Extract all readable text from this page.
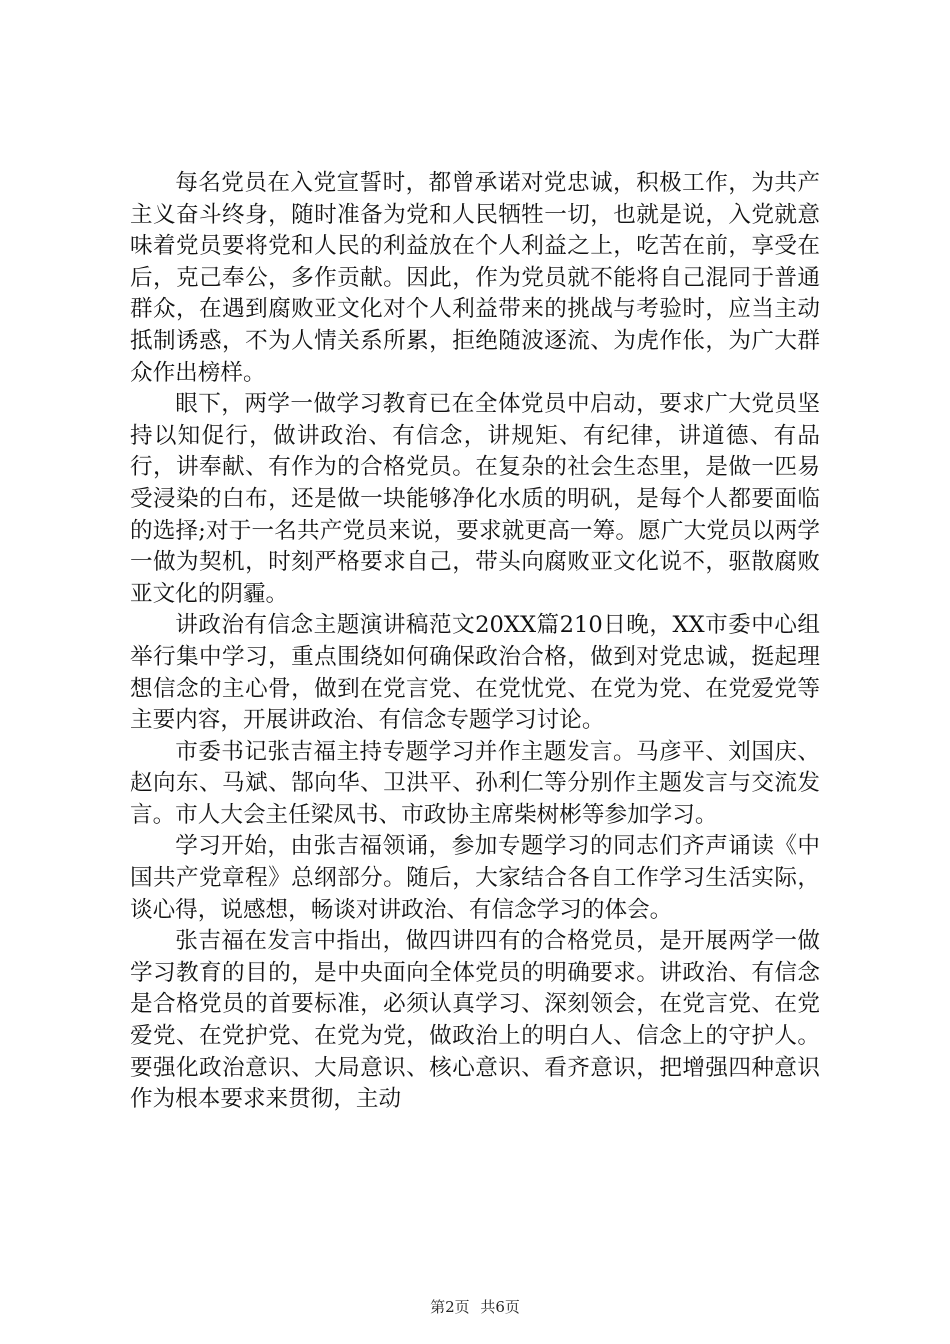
每名党员在入党宣誓时，都曾承诺对党忠诚，积极工作，为共产主义奋斗终身，随时准备为党和人民牺牲一切，也就是说，入党就意味着党员要将党和人民的利益放在个人利益之上，吃苦在前，享受在后，克己奉公，多作贡献。因此，作为党员就不能将自己混同于普通群众，在遇到腐败亚文化对个人利益带来的挑战与考验时，应当主动抵制诱惑，不为人情关系所累，拒绝随波逐流、为虎作伥，为广大群众作出榜样。

眼下，两学一做学习教育已在全体党员中启动，要求广大党员坚持以知促行，做讲政治、有信念，讲规矩、有纪律，讲道德、有品行，讲奉献、有作为的合格党员。在复杂的社会生态里，是做一匹易受浸染的白布，还是做一块能够净化水质的明矾，是每个人都要面临的选择;对于一名共产党员来说，要求就更高一筹。愿广大党员以两学一做为契机，时刻严格要求自己，带头向腐败亚文化说不，驱散腐败亚文化的阴霾。

讲政治有信念主题演讲稿范文20XX篇210日晚，XX市委中心组举行集中学习，重点围绕如何确保政治合格，做到对党忠诚，挺起理想信念的主心骨，做到在党言党、在党忧党、在党为党、在党爱党等主要内容，开展讲政治、有信念专题学习讨论。

市委书记张吉福主持专题学习并作主题发言。马彦平、刘国庆、赵向东、马斌、郜向华、卫洪平、孙利仁等分别作主题发言与交流发言。市人大会主任梁凤书、市政协主席柴树彬等参加学习。

学习开始，由张吉福领诵，参加专题学习的同志们齐声诵读《中国共产党章程》总纲部分。随后，大家结合各自工作学习生活实际，谈心得，说感想，畅谈对讲政治、有信念学习的体会。

张吉福在发言中指出，做四讲四有的合格党员，是开展两学一做学习教育的目的，是中央面向全体党员的明确要求。讲政治、有信念是合格党员的首要标准，必须认真学习、深刻领会，在党言党、在党爱党、在党护党、在党为党，做政治上的明白人、信念上的守护人。要强化政治意识、大局意识、核心意识、看齐意识，把增强四种意识作为根本要求来贯彻，主动

第2页 共6页
